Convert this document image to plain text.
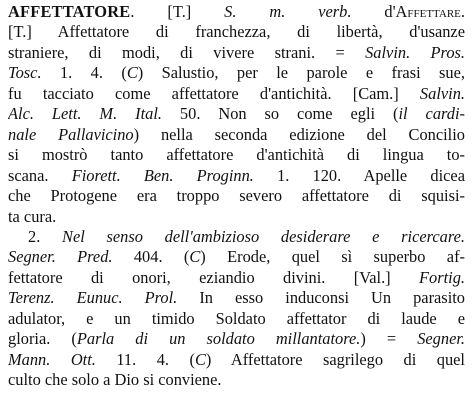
AFFETTATORE. [T.] S. m. verb. d'Affettare.
[T.] Affettatore di franchezza, di libertà, d'usanze
straniere, di modi, di vivere strani. = Salvin. Pros.
Tosc. 1. 4. (C) Salustio, per le parole e frasi sue,
fu tacciato come affettatore d'antichità. [Cam.] Salvin.
Alc. Lett. M. Ital. 50. Non so come egli (il cardi-
nale Pallavicino) nella seconda edizione del Concilio
si mostrò tanto affettatore d'antichità di lingua to-
scana. Fiorett. Ben. Proginn. 1. 120. Apelle dicea
che Protogene era troppo severo affettatore di squisi-
ta cura.
2. Nel senso dell'ambizioso desiderare e ricercare.
Segner. Pred. 404. (C) Erode, quel sì superbo af-
fettatore di onori, eziandio divini. [Val.] Fortig.
Terenz. Eunuc. Prol. In esso induconsi Un parasito
adulator, e un timido Soldato affettator di laude e
gloria. (Parla di un soldato millantatore.) = Segner.
Mann. Ott. 11. 4. (C) Affettatore sagrilego di quel
culto che solo a Dio si conviene.
